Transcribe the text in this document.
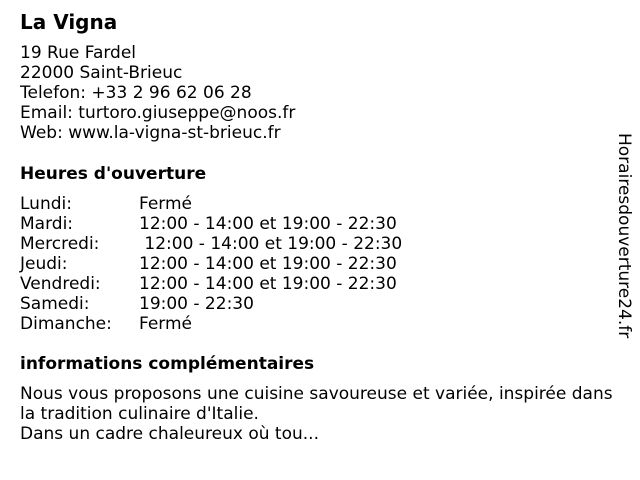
La Vigna
19 Rue Fardel
22000 Saint-Brieuc
Telefon: +33 2 96 62 06 28
Email: turtoro.giuseppe@noos.fr
Web: www.la-vigna-st-brieuc.fr
Heures d'ouverture
Lundi:	Fermé
Mardi:	12:00 - 14:00 et 19:00 - 22:30
Mercredi:	12:00 - 14:00 et 19:00 - 22:30
Jeudi:	12:00 - 14:00 et 19:00 - 22:30
Vendredi:	12:00 - 14:00 et 19:00 - 22:30
Samedi:	19:00 - 22:30
Dimanche:	Fermé
informations complémentaires
Nous vous proposons une cuisine savoureuse et variée, inspirée dans
la tradition culinaire d'Italie.
Dans un cadre chaleureux où tou...
Horairesdouverture24.fr
